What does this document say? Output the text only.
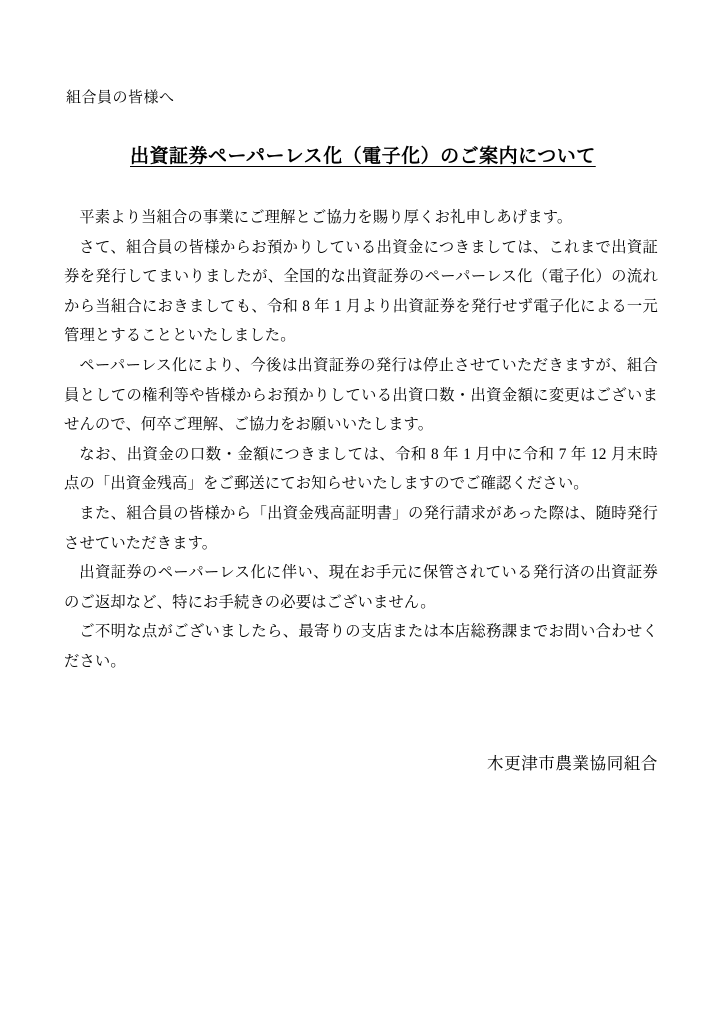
組合員の皆様へ
出資証券ペーパーレス化（電子化）のご案内について

平素より当組合の事業にご理解とご協力を賜り厚くお礼申しあげます。

さて、組合員の皆様からお預かりしている出資金につきましては、これまで出資証券を発行してまいりましたが、全国的な出資証券のペーパーレス化（電子化）の流れから当組合におきましても、令和 8 年 1 月より出資証券を発行せず電子化による一元管理とすることといたしました。

ペーパーレス化により、今後は出資証券の発行は停止させていただきますが、組合員としての権利等や皆様からお預かりしている出資口数・出資金額に変更はございませんので、何卒ご理解、ご協力をお願いいたします。

なお、出資金の口数・金額につきましては、令和 8 年 1 月中に令和 7 年 12 月末時点の「出資金残高」をご郵送にてお知らせいたしますのでご確認ください。

また、組合員の皆様から「出資金残高証明書」の発行請求があった際は、随時発行させていただきます。

出資証券のペーパーレス化に伴い、現在お手元に保管されている発行済の出資証券のご返却など、特にお手続きの必要はございません。

ご不明な点がございましたら、最寄りの支店または本店総務課までお問い合わせください。

木更津市農業協同組合
